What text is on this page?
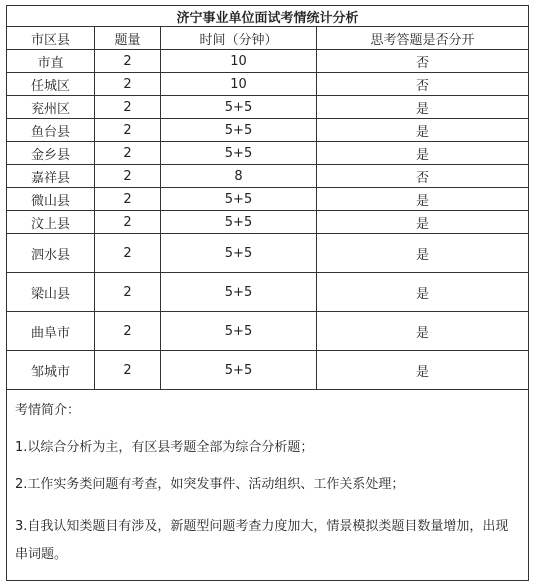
济宁事业单位面试考情统计分析			
市区县	题量	时间（分钟）	思考答题是否分开
市直	2	10	否
任城区	2	10	否
兖州区	2	5+5	是
鱼台县	2	5+5	是
金乡县	2	5+5	是
嘉祥县	2	8	否
微山县	2	5+5	是
汶上县	2	5+5	是
泗水县	2	5+5	是
梁山县	2	5+5	是
曲阜市	2	5+5	是
邹城市	2	5+5	是

考情简介：

1.以综合分析为主，有区县考题全部为综合分析题；

2.工作实务类问题有考查，如突发事件、活动组织、工作关系处理；

3.自我认知类题目有涉及，新题型问题考查力度加大，情景模拟类题目数量增加，出现串词题。			
